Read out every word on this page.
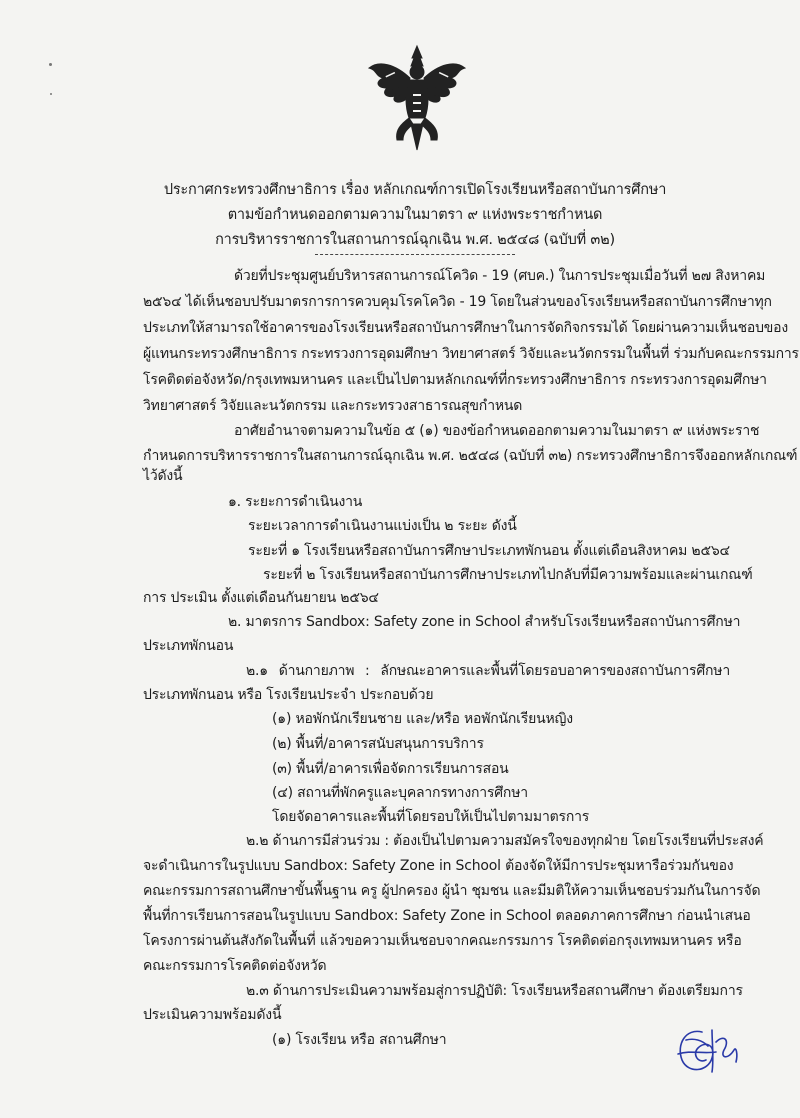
ประกาศกระทรวงศึกษาธิการ เรื่อง หลักเกณฑ์การเปิดโรงเรียนหรือสถาบันการศึกษา
ตามข้อกำหนดออกตามความในมาตรา ๙ แห่งพระราชกำหนด
การบริหารราชการในสถานการณ์ฉุกเฉิน พ.ศ. ๒๕๔๘ (ฉบับที่ ๓๒)
ด้วยที่ประชุมศูนย์บริหารสถานการณ์โควิด - 19 (ศบค.) ในการประชุมเมื่อวันที่ ๒๗ สิงหาคม
๒๕๖๔ ได้เห็นชอบปรับมาตรการการควบคุมโรคโควิด - 19 โดยในส่วนของโรงเรียนหรือสถาบันการศึกษาทุก
ประเภทให้สามารถใช้อาคารของโรงเรียนหรือสถาบันการศึกษาในการจัดกิจกรรมได้ โดยผ่านความเห็นชอบของ
ผู้แทนกระทรวงศึกษาธิการ กระทรวงการอุดมศึกษา วิทยาศาสตร์ วิจัยและนวัตกรรมในพื้นที่ ร่วมกับคณะกรรมการ
โรคติดต่อจังหวัด/กรุงเทพมหานคร และเป็นไปตามหลักเกณฑ์ที่กระทรวงศึกษาธิการ กระทรวงการอุดมศึกษา
วิทยาศาสตร์ วิจัยและนวัตกรรม และกระทรวงสาธารณสุขกำหนด
อาศัยอำนาจตามความในข้อ ๕ (๑) ของข้อกำหนดออกตามความในมาตรา ๙ แห่งพระราช
กำหนดการบริหารราชการในสถานการณ์ฉุกเฉิน พ.ศ. ๒๕๔๘ (ฉบับที่ ๓๒) กระทรวงศึกษาธิการจึงออกหลักเกณฑ์
ไว้ดังนี้
๑. ระยะการดำเนินงาน
ระยะเวลาการดำเนินงานแบ่งเป็น ๒ ระยะ ดังนี้
ระยะที่ ๑ โรงเรียนหรือสถาบันการศึกษาประเภทพักนอน ตั้งแต่เดือนสิงหาคม ๒๕๖๔
ระยะที่ ๒ โรงเรียนหรือสถาบันการศึกษาประเภทไปกลับที่มีความพร้อมและผ่านเกณฑ์
การ ประเมิน ตั้งแต่เดือนกันยายน ๒๕๖๔
๒. มาตรการ Sandbox: Safety zone in School สำหรับโรงเรียนหรือสถาบันการศึกษา
ประเภทพักนอน
๒.๑ ด้านกายภาพ : ลักษณะอาคารและพื้นที่โดยรอบอาคารของสถาบันการศึกษา
ประเภทพักนอน หรือ โรงเรียนประจำ ประกอบด้วย
(๑) หอพักนักเรียนชาย และ/หรือ หอพักนักเรียนหญิง
(๒) พื้นที่/อาคารสนับสนุนการบริการ
(๓) พื้นที่/อาคารเพื่อจัดการเรียนการสอน
(๔) สถานที่พักครูและบุคลากรทางการศึกษา
โดยจัดอาคารและพื้นที่โดยรอบให้เป็นไปตามมาตรการ
๒.๒ ด้านการมีส่วนร่วม : ต้องเป็นไปตามความสมัครใจของทุกฝ่าย โดยโรงเรียนที่ประสงค์
จะดำเนินการในรูปแบบ Sandbox: Safety Zone in School ต้องจัดให้มีการประชุมหารือร่วมกันของ
คณะกรรมการสถานศึกษาขั้นพื้นฐาน ครู ผู้ปกครอง ผู้นำ ชุมชน และมีมติให้ความเห็นชอบร่วมกันในการจัด
พื้นที่การเรียนการสอนในรูปแบบ Sandbox: Safety Zone in School ตลอดภาคการศึกษา ก่อนนำเสนอ
โครงการผ่านต้นสังกัดในพื้นที่ แล้วขอความเห็นชอบจากคณะกรรมการ โรคติดต่อกรุงเทพมหานคร หรือ
คณะกรรมการโรคติดต่อจังหวัด
๒.๓ ด้านการประเมินความพร้อมสู่การปฏิบัติ: โรงเรียนหรือสถานศึกษา ต้องเตรียมการ
ประเมินความพร้อมดังนี้
(๑) โรงเรียน หรือ สถานศึกษา
